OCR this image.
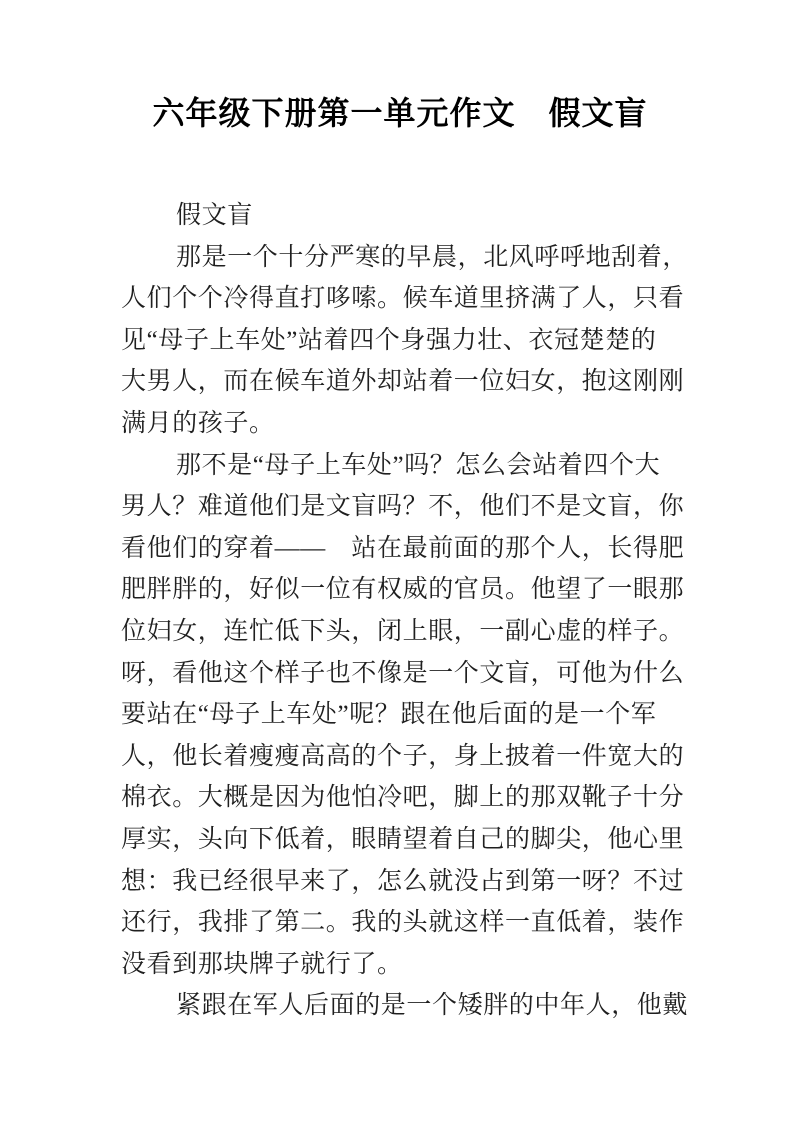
六年级下册第一单元作文　假文盲
假文盲
那是一个十分严寒的早晨，北风呼呼地刮着，
人们个个冷得直打哆嗦。候车道里挤满了人，只看
见“母子上车处”站着四个身强力壮、衣冠楚楚的
大男人，而在候车道外却站着一位妇女，抱这刚刚
满月的孩子。
那不是“母子上车处”吗？怎么会站着四个大
男人？难道他们是文盲吗？不，他们不是文盲，你
看他们的穿着——　站在最前面的那个人，长得肥
肥胖胖的，好似一位有权威的官员。他望了一眼那
位妇女，连忙低下头，闭上眼，一副心虚的样子。
呀，看他这个样子也不像是一个文盲，可他为什么
要站在“母子上车处”呢？跟在他后面的是一个军
人，他长着瘦瘦高高的个子，身上披着一件宽大的
棉衣。大概是因为他怕冷吧，脚上的那双靴子十分
厚实，头向下低着，眼睛望着自己的脚尖，他心里
想：我已经很早来了，怎么就没占到第一呀？不过
还行，我排了第二。我的头就这样一直低着，装作
没看到那块牌子就行了。
紧跟在军人后面的是一个矮胖的中年人，他戴
